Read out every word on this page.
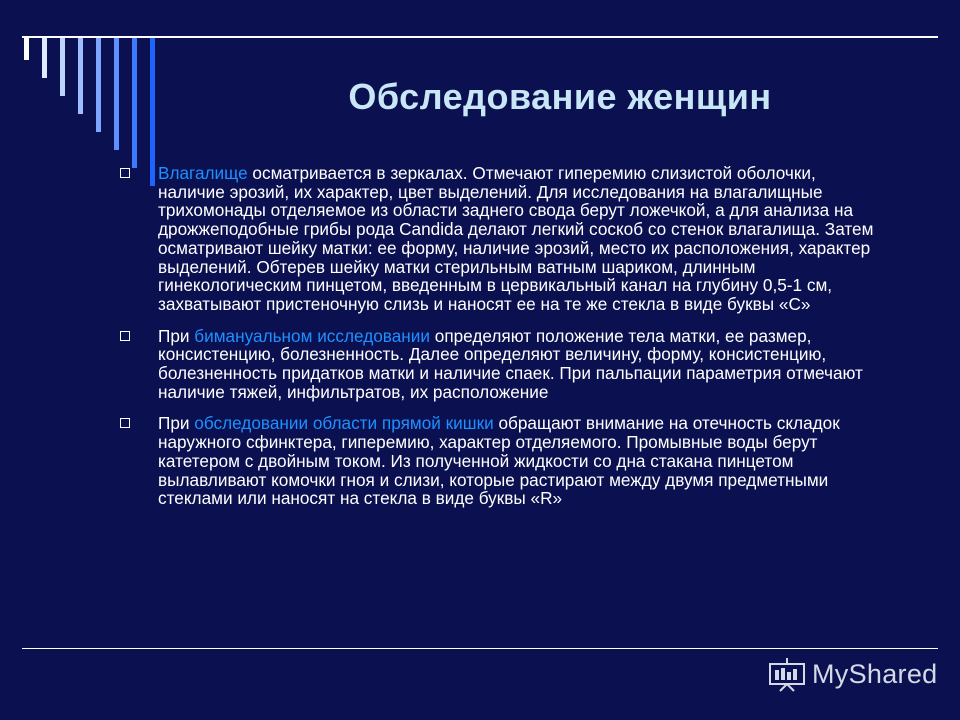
Обследование женщин
Влагалище осматривается в зеркалах. Отмечают гиперемию слизистой оболочки, наличие эрозий, их характер, цвет выделений. Для исследования на влагалищные трихомонады отделяемое из области заднего свода берут ложечкой, а для анализа на дрожжеподобные грибы рода Candida делают легкий соскоб со стенок влагалища. Затем осматривают шейку матки: ее форму, наличие эрозий, место их расположения, характер выделений. Обтерев шейку матки стерильным ватным шариком, длинным гинекологическим пинцетом, введенным в цервикальный канал на глубину 0,5-1 см, захватывают пристеночную слизь и наносят ее на те же стекла в виде буквы «С»
При бимануальном исследовании определяют положение тела матки, ее размер, консистенцию, болезненность. Далее определяют величину, форму, консистенцию, болезненность придатков матки и наличие спаек. При пальпации параметрия отмечают наличие тяжей, инфильтратов, их расположение
При обследовании области прямой кишки обращают внимание на отечность складок наружного сфинктера, гиперемию, характер отделяемого. Промывные воды берут катетером с двойным током. Из полученной жидкости со дна стакана пинцетом вылавливают комочки гноя и слизи, которые растирают между двумя предметными стеклами или наносят на стекла в виде буквы «R»
MyShared
